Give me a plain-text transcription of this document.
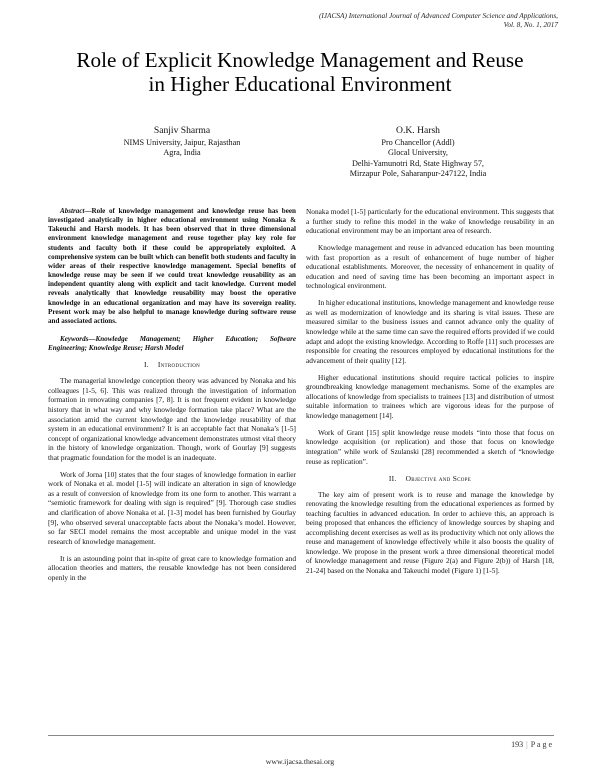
(IJACSA) International Journal of Advanced Computer Science and Applications,
Vol. 8, No. 1, 2017
Role of Explicit Knowledge Management and Reuse
in Higher Educational Environment
Sanjiv Sharma
NIMS University, Jaipur, Rajasthan
Agra, India
O.K. Harsh
Pro Chancellor (Addl)
Glocal University,
Delhi-Yamunotri Rd, State Highway 57,
Mirzapur Pole, Saharanpur-247122, India

Abstract—Role of knowledge management and knowledge reuse has been investigated analytically in higher educational environment using Nonaka & Takeuchi and Harsh models. It has been observed that in three dimensional environment knowledge management and reuse together play key role for students and faculty both if these could be appropriately exploited. A comprehensive system can be built which can benefit both students and faculty in wider areas of their respective knowledge management. Special benefits of knowledge reuse may be seen if we could treat knowledge reusability as an independent quantity along with explicit and tacit knowledge. Current model reveals analytically that knowledge reusability may boost the operative knowledge in an educational organization and may have its sovereign reality. Present work may be also helpful to manage knowledge during software reuse and associated actions.

Keywords—Knowledge Management; Higher Education; Software Engineering; Knowledge Reuse; Harsh Model

I. Introduction

The managerial knowledge conception theory was advanced by Nonaka and his colleagues [1-5, 6]. This was realized through the investigation of information formation in renovating companies [7, 8]. It is not frequent evident in knowledge history that in what way and why knowledge formation take place? What are the association amid the current knowledge and the knowledge reusability of that system in an educational environment? It is an acceptable fact that Nonaka’s [1-5] concept of organizational knowledge advancement demonstrates utmost vital theory in the history of knowledge organization. Though, work of Gourlay [9] suggests that pragmatic foundation for the model is an inadequate.

Work of Jorna [10] states that the four stages of knowledge formation in earlier work of Nonaka et al. model [1-5] will indicate an alteration in sign of knowledge as a result of conversion of knowledge from its one form to another. This warrant a “semiotic framework for dealing with sign is required” [9]. Thorough case studies and clarification of above Nonaka et al. [1-3] model has been furnished by Gourlay [9], who observed several unacceptable facts about the Nonaka’s model. However, so far SECI model remains the most acceptable and unique model in the vast research of knowledge management.

It is an astounding point that in-spite of great care to knowledge formation and allocation theories and matters, the reusable knowledge has not been considered openly in the

Nonaka model [1-5] particularly for the educational environment. This suggests that a further study to refine this model in the wake of knowledge reusability in an educational environment may be an important area of research.

Knowledge management and reuse in advanced education has been mounting with fast proportion as a result of enhancement of huge number of higher educational establishments. Moreover, the necessity of enhancement in quality of education and need of saving time has been becoming an important aspect in technological environment.

In higher educational institutions, knowledge management and knowledge reuse as well as modernization of knowledge and its sharing is vital issues. These are measured similar to the business issues and cannot advance only the quality of knowledge while at the same time can save the required efforts provided if we could adapt and adopt the existing knowledge. According to Roffe [11] such processes are responsible for creating the resources employed by educational institutions for the advancement of their quality [12].

Higher educational institutions should require tactical policies to inspire groundbreaking knowledge management mechanisms. Some of the examples are allocations of knowledge from specialists to trainees [13] and distribution of utmost suitable information to trainees which are vigorous ideas for the purpose of knowledge management [14].

Work of Grant [15] split knowledge reuse models “into those that focus on knowledge acquisition (or replication) and those that focus on knowledge integration” while work of Szulanski [28] recommended a sketch of “knowledge reuse as replication”.

II. Objective and Scope

The key aim of present work is to reuse and manage the knowledge by renovating the knowledge resulting from the educational experiences as formed by teaching faculties in advanced education. In order to achieve this, an approach is being proposed that enhances the efficiency of knowledge sources by shaping and accomplishing decent exercises as well as its productivity which not only allows the reuse and management of knowledge effectively while it also boosts the quality of knowledge. We propose in the present work a three dimensional theoretical model of knowledge management and reuse (Figure 2(a) and Figure 2(b)) of Harsh [18, 21-24] based on the Nonaka and Takeuchi model (Figure 1) [1-5].

193 | P a g e
www.ijacsa.thesai.org
